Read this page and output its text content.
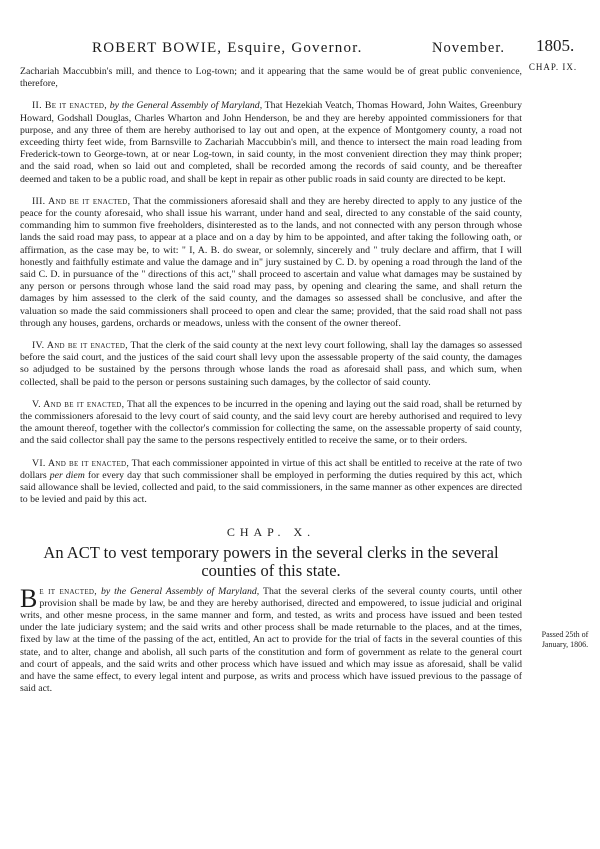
ROBERT BOWIE, Esquire, Governor.	November. 1805.
CHAP. IX.
Passed 25th of January, 1806.

Zachariah Maccubbin's mill, and thence to Log-town; and it appearing that the same would be of great public convenience, therefore,

II. Be it enacted, by the General Assembly of Maryland, That Hezekiah Veatch, Thomas Howard, John Waites, Greenbury Howard, Godshall Douglas, Charles Wharton and John Henderson, be and they are hereby appointed commissioners for that purpose, and any three of them are hereby authorised to lay out and open, at the expence of Montgomery county, a road not exceeding thirty feet wide, from Barnsville to Zachariah Maccubbin's mill, and thence to intersect the main road leading from Frederick-town to George-town, at or near Log-town, in said county, in the most convenient direction they may think proper; and the said road, when so laid out and completed, shall be recorded among the records of said county, and be thereafter deemed and taken to be a public road, and shall be kept in repair as other public roads in said county are directed to be kept.

III. And be it enacted, That the commissioners aforesaid shall and they are hereby directed to apply to any justice of the peace for the county aforesaid, who shall issue his warrant, under hand and seal, directed to any constable of the said county, commanding him to summon five freeholders, disinterested as to the lands, and not connected with any person through whose lands the said road may pass, to appear at a place and on a day by him to be appointed, and after taking the following oath, or affirmation, as the case may be, to wit: " I, A. B. do swear, or solemnly, sincerely and " truly declare and affirm, that I will honestly and faithfully estimate and value the damage and in" jury sustained by C. D. by opening a road through the land of the said C. D. in pursuance of the " directions of this act," shall proceed to ascertain and value what damages may be sustained by any person or persons through whose land the said road may pass, by opening and clearing the same, and shall return the damages by him assessed to the clerk of the said county, and the damages so assessed shall be conclusive, and after the valuation so made the said commissioners shall proceed to open and clear the same; provided, that the said road shall not pass through any houses, gardens, orchards or meadows, unless with the consent of the owner thereof.

IV. And be it enacted, That the clerk of the said county at the next levy court following, shall lay the damages so assessed before the said court, and the justices of the said court shall levy upon the assessable property of the said county, the damages so adjudged to be sustained by the persons through whose lands the road as aforesaid shall pass, and which sum, when collected, shall be paid to the person or persons sustaining such damages, by the collector of said county.

V. And be it enacted, That all the expences to be incurred in the opening and laying out the said road, shall be returned by the commissioners aforesaid to the levy court of said county, and the said levy court are hereby authorised and required to levy the amount thereof, together with the collector's commission for collecting the same, on the assessable property of said county, and the said collector shall pay the same to the persons respectively entitled to receive the same, or to their orders.

VI. And be it enacted, That each commissioner appointed in virtue of this act shall be entitled to receive at the rate of two dollars per diem for every day that such commissioner shall be employed in performing the duties required by this act, which said allowance shall be levied, collected and paid, to the said commissioners, in the same manner as other expences are directed to be levied and paid by this act.

CHAP. X.
An ACT to vest temporary powers in the several clerks in the several counties of this state.

B e it enacted, by the General Assembly of Maryland, That the several clerks of the several county courts, until other provision shall be made by law, be and they are hereby authorised, directed and empowered, to issue judicial and original writs, and other mesne process, in the same manner and form, and tested, as writs and process have issued and been tested under the late judiciary system; and the said writs and other process shall be made returnable to the places, and at the times, fixed by law at the time of the passing of the act, entitled, An act to provide for the trial of facts in the several counties of this state, and to alter, change and abolish, all such parts of the constitution and form of government as relate to the general court and court of appeals, and the said writs and other process which have issued and which may issue as aforesaid, shall be valid and have the same effect, to every legal intent and purpose, as writs and process which have issued previous to the passage of said act.
